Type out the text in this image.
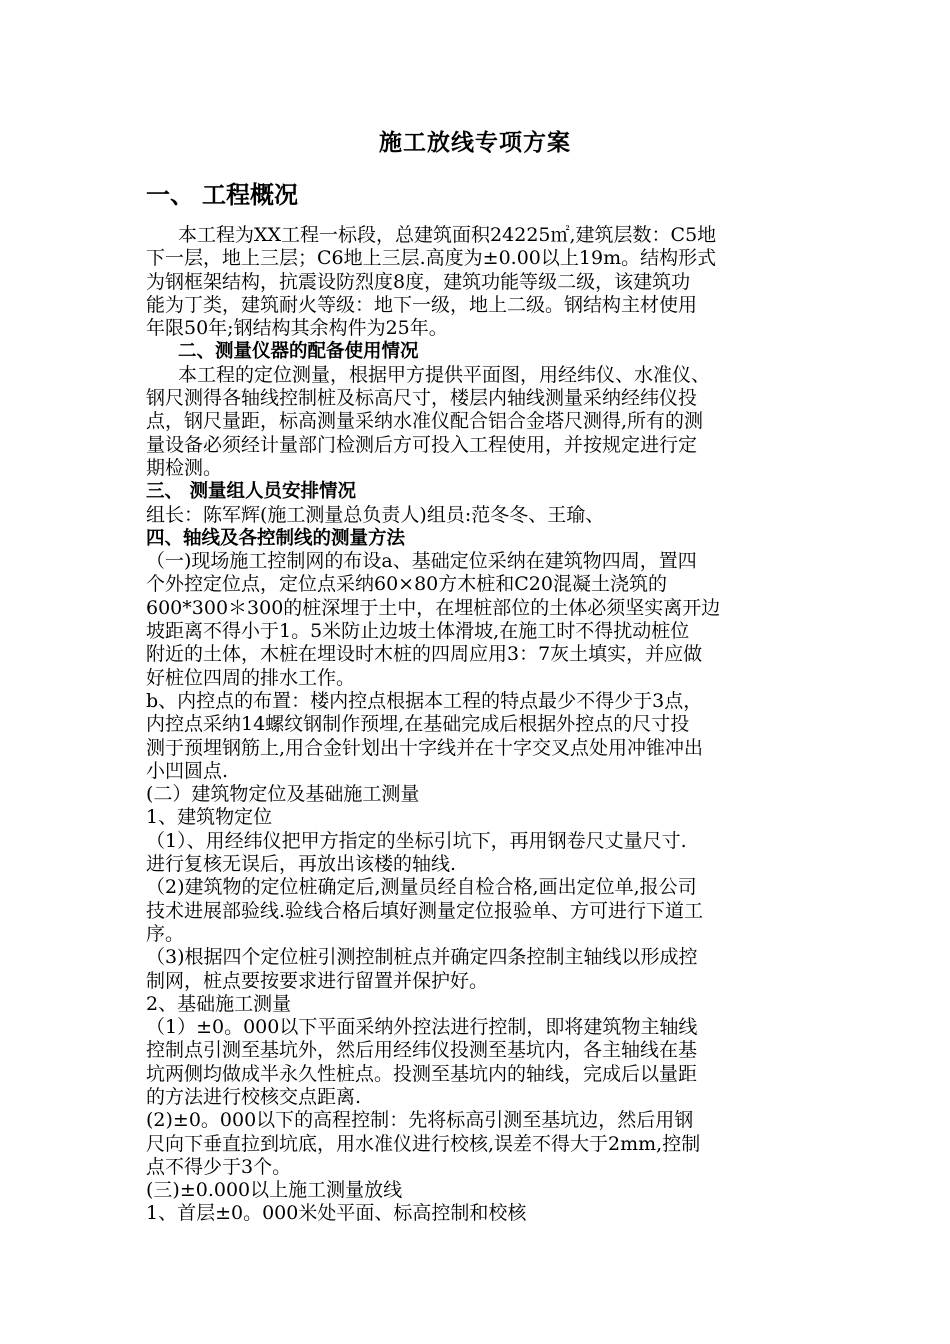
施工放线专项方案
一、 工程概况

本工程为XX工程一标段，总建筑面积24225㎡,建筑层数：C5地

下一层，地上三层；C6地上三层.高度为±0.00以上19m。结构形式

为钢框架结构，抗震设防烈度8度，建筑功能等级二级，该建筑功

能为丁类，建筑耐火等级：地下一级，地上二级。钢结构主材使用

年限50年;钢结构其余构件为25年。

二、测量仪器的配备使用情况

本工程的定位测量，根据甲方提供平面图，用经纬仪、水准仪、

钢尺测得各轴线控制桩及标高尺寸，楼层内轴线测量采纳经纬仪投

点，钢尺量距，标高测量采纳水准仪配合铝合金塔尺测得,所有的测

量设备必须经计量部门检测后方可投入工程使用，并按规定进行定

期检测。

三、 测量组人员安排情况

组长：陈军辉(施工测量总负责人)组员:范冬冬、王瑜、

四、轴线及各控制线的测量方法

（一)现场施工控制网的布设a、基础定位采纳在建筑物四周，置四

个外控定位点，定位点采纳60×80方木桩和C20混凝土浇筑的

600*300＊300的桩深埋于土中，在埋桩部位的土体必须坚实离开边

坡距离不得小于1。5米防止边坡土体滑坡,在施工时不得扰动桩位

附近的土体，木桩在埋设时木桩的四周应用3：7灰土填实，并应做

好桩位四周的排水工作。

b、内控点的布置：楼内控点根据本工程的特点最少不得少于3点，

内控点采纳14螺纹钢制作预埋,在基础完成后根据外控点的尺寸投

测于预埋钢筋上,用合金针划出十字线并在十字交叉点处用冲锥冲出

小凹圆点.

(二）建筑物定位及基础施工测量

1、建筑物定位

（1）、用经纬仪把甲方指定的坐标引坑下，再用钢卷尺丈量尺寸.

进行复核无误后，再放出该楼的轴线.

（2)建筑物的定位桩确定后,测量员经自检合格,画出定位单,报公司

技术进展部验线.验线合格后填好测量定位报验单、方可进行下道工

序。

（3)根据四个定位桩引测控制桩点并确定四条控制主轴线以形成控

制网，桩点要按要求进行留置并保护好。

2、基础施工测量

（1）±0。000以下平面采纳外控法进行控制，即将建筑物主轴线

控制点引测至基坑外，然后用经纬仪投测至基坑内，各主轴线在基

坑两侧均做成半永久性桩点。投测至基坑内的轴线，完成后以量距

的方法进行校核交点距离.

(2)±0。000以下的高程控制：先将标高引测至基坑边，然后用钢

尺向下垂直拉到坑底，用水准仪进行校核,误差不得大于2mm,控制

点不得少于3个。

(三)±0.000以上施工测量放线

1、首层±0。000米处平面、标高控制和校核
